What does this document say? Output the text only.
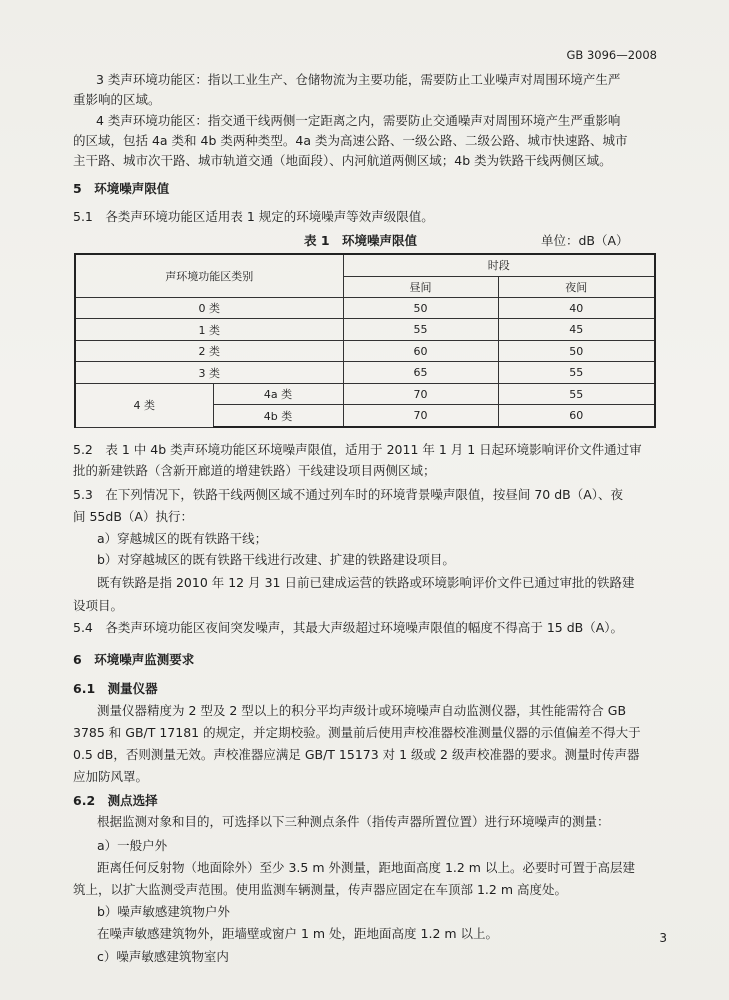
GB 3096—2008
3 类声环境功能区：指以工业生产、仓储物流为主要功能，需要防止工业噪声对周围环境产生严
重影响的区域。
4 类声环境功能区：指交通干线两侧一定距离之内，需要防止交通噪声对周围环境产生严重影响
的区域，包括 4a 类和 4b 类两种类型。4a 类为高速公路、一级公路、二级公路、城市快速路、城市
主干路、城市次干路、城市轨道交通（地面段）、内河航道两侧区域；4b 类为铁路干线两侧区域。
5　环境噪声限值
5.1　各类声环境功能区适用表 1 规定的环境噪声等效声级限值。
表 1　环境噪声限值	单位：dB（A）
声环境功能区类别		时段	
		昼间	夜间
0 类		50	40
1 类		55	45
2 类		60	50
3 类		65	55
4 类	4a 类	70	55
	4b 类	70	60
5.2　表 1 中 4b 类声环境功能区环境噪声限值，适用于 2011 年 1 月 1 日起环境影响评价文件通过审
批的新建铁路（含新开廊道的增建铁路）干线建设项目两侧区域；
5.3　在下列情况下，铁路干线两侧区域不通过列车时的环境背景噪声限值，按昼间 70 dB（A）、夜
间 55dB（A）执行：
a）穿越城区的既有铁路干线；
b）对穿越城区的既有铁路干线进行改建、扩建的铁路建设项目。
既有铁路是指 2010 年 12 月 31 日前已建成运营的铁路或环境影响评价文件已通过审批的铁路建
设项目。
5.4　各类声环境功能区夜间突发噪声，其最大声级超过环境噪声限值的幅度不得高于 15 dB（A）。
6　环境噪声监测要求
6.1　测量仪器
测量仪器精度为 2 型及 2 型以上的积分平均声级计或环境噪声自动监测仪器，其性能需符合 GB
3785 和 GB/T 17181 的规定，并定期校验。测量前后使用声校准器校准测量仪器的示值偏差不得大于
0.5 dB，否则测量无效。声校准器应满足 GB/T 15173 对 1 级或 2 级声校准器的要求。测量时传声器
应加防风罩。
6.2　测点选择
根据监测对象和目的，可选择以下三种测点条件（指传声器所置位置）进行环境噪声的测量：
a）一般户外
距离任何反射物（地面除外）至少 3.5 m 外测量，距地面高度 1.2 m 以上。必要时可置于高层建
筑上，以扩大监测受声范围。使用监测车辆测量，传声器应固定在车顶部 1.2 m 高度处。
b）噪声敏感建筑物户外
在噪声敏感建筑物外，距墙壁或窗户 1 m 处，距地面高度 1.2 m 以上。
c）噪声敏感建筑物室内
3
